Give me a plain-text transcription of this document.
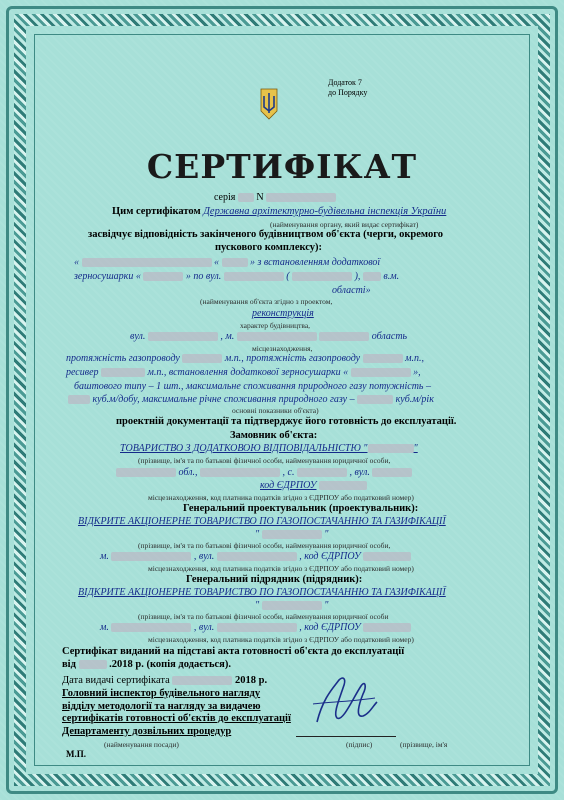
Додаток 7
до Порядку
СЕРТИФІКАТ
серія N
Цим сертифікатом Державна архітектурно-будівельна інспекція України
(найменування органу, який видає сертифікат)
засвідчує відповідність закінченого будівництвом об'єкта (черги, окремого
пускового комплексу):
«	«	» з встановленням додаткової
зерносушарки «	» по вул.	(	), в.м.
області»
(найменування об'єкта згідно з проектом,
реконструкція
характер будівництва,
вул.	, м.	область
місцезнаходження,
протяжність газопроводу	м.п., протяжність газопроводу	м.п.,
ресивер	м.п., встановлення додаткової зерносушарки «	»,
баштового типу – 1 шт., максимальне споживання природного газу потужність –
куб.м/добу, максимальне річне споживання природного газу –	куб.м/рік
основні показники об'єкта)
проектній документації та підтверджує його готовність до експлуатації.
Замовник об'єкта:
ТОВАРИСТВО З ДОДАТКОВОЮ ВІДПОВІДАЛЬНІСТЮ "	"
(прізвище, ім'я та по батькові фізичної особи, найменування юридичної особи,
обл.,	, с.	, вул.
код ЄДРПОУ
місцезнаходження, код платника податків згідно з ЄДРПОУ або податковий номер)
Генеральний проектувальник (проектувальник):
ВІДКРИТЕ АКЦІОНЕРНЕ ТОВАРИСТВО ПО ГАЗОПОСТАЧАННЮ ТА ГАЗИФІКАЦІЇ
"	"
(прізвище, ім'я та по батькові фізичної особи, найменування юридичної особи,
м.	, вул.	, код ЄДРПОУ
місцезнаходження, код платника податків згідно з ЄДРПОУ або податковий номер)
Генеральний підрядник (підрядник):
ВІДКРИТЕ АКЦІОНЕРНЕ ТОВАРИСТВО ПО ГАЗОПОСТАЧАННЮ ТА ГАЗИФІКАЦІЇ
"	"
(прізвище, ім'я та по батькові фізичної особи, найменування юридичної особи
м.	, вул.	, код ЄДРПОУ
місцезнаходження, код платника податків згідно з ЄДРПОУ або податковий номер)
Сертифікат виданий на підставі акта готовності об'єкта до експлуатації
від	.2018 р. (копія додається).
Дата видачі сертифіката	2018 р.
Головний інспектор будівельного нагляду
відділу методології та нагляду за видачею
сертифікатів готовності об'єктів до експлуатації
Департаменту дозвільних процедур
(найменування посади)	(підпис)	(прізвище, ім'я
М.П.
